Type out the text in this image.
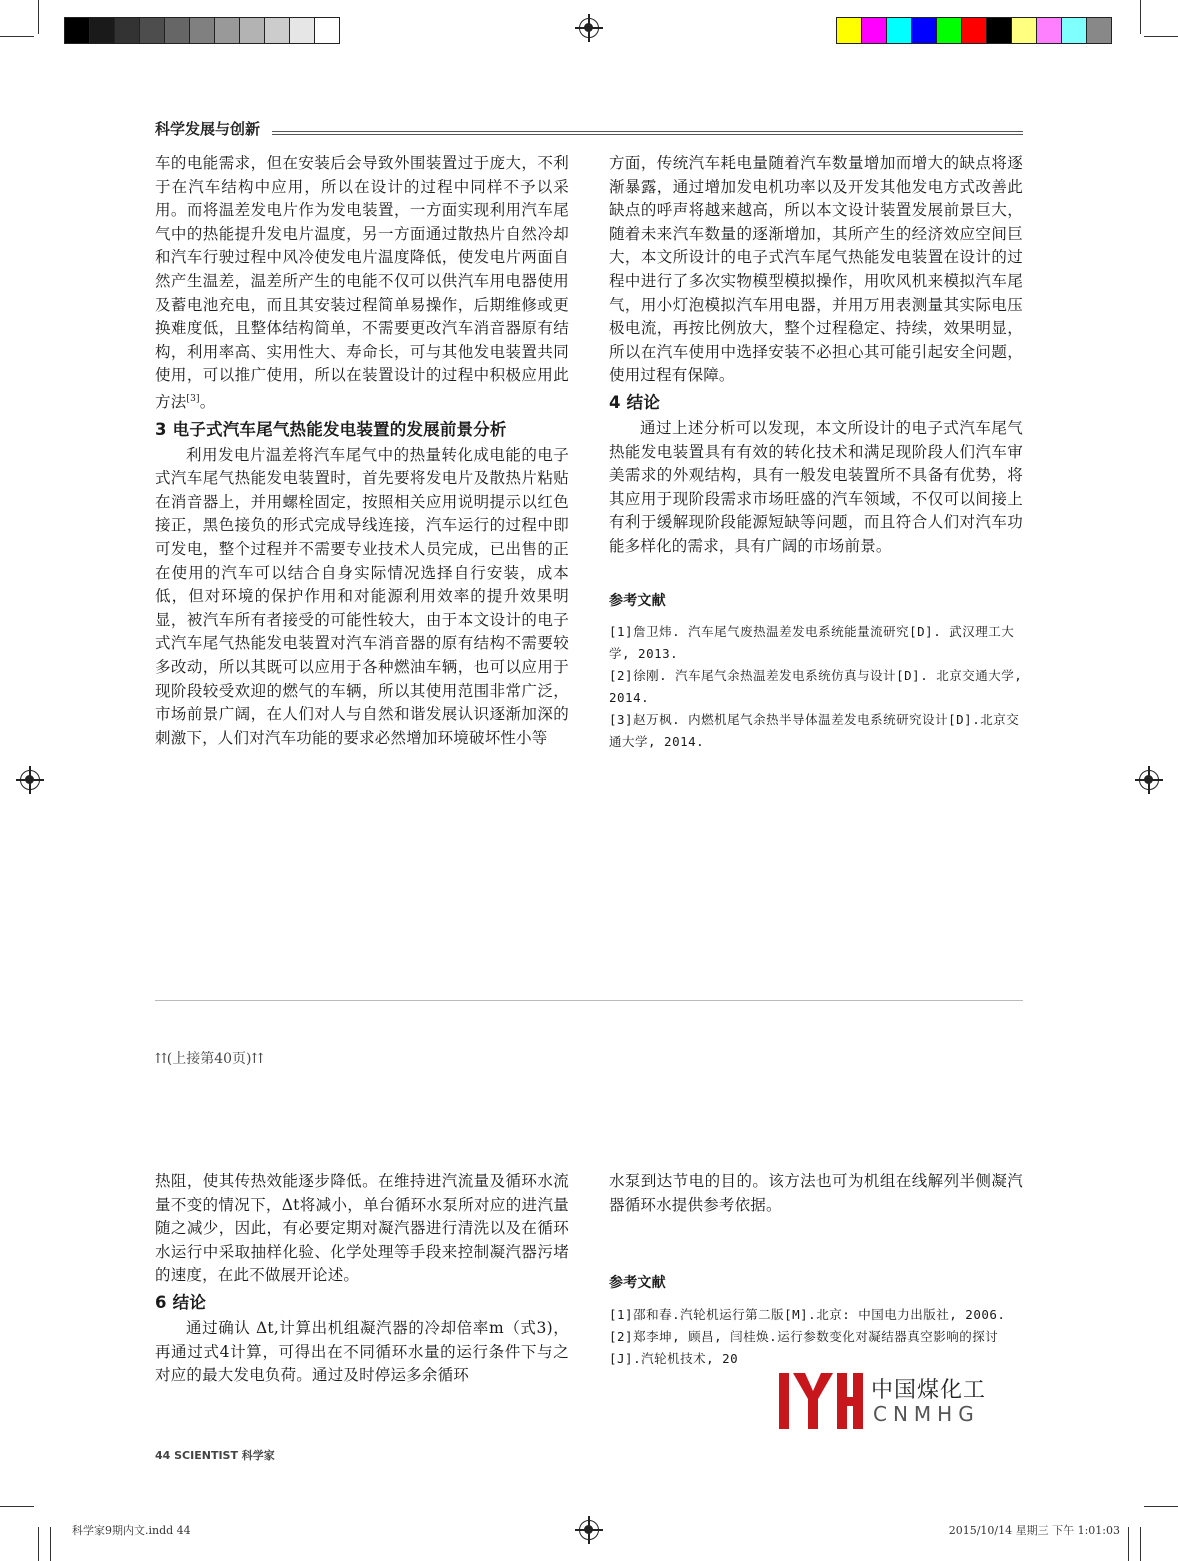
科学发展与创新

车的电能需求，但在安装后会导致外围装置过于庞大，不利于在汽车结构中应用，所以在设计的过程中同样不予以采用。而将温差发电片作为发电装置，一方面实现利用汽车尾气中的热能提升发电片温度，另一方面通过散热片自然冷却和汽车行驶过程中风冷使发电片温度降低，使发电片两面自然产生温差，温差所产生的电能不仅可以供汽车用电器使用及蓄电池充电，而且其安装过程简单易操作，后期维修或更换难度低，且整体结构简单，不需要更改汽车消音器原有结构，利用率高、实用性大、寿命长，可与其他发电装置共同使用，可以推广使用，所以在装置设计的过程中积极应用此方法[3]。

3 电子式汽车尾气热能发电装置的发展前景分析

利用发电片温差将汽车尾气中的热量转化成电能的电子式汽车尾气热能发电装置时，首先要将发电片及散热片粘贴在消音器上，并用螺栓固定，按照相关应用说明提示以红色接正，黑色接负的形式完成导线连接，汽车运行的过程中即可发电，整个过程并不需要专业技术人员完成，已出售的正在使用的汽车可以结合自身实际情况选择自行安装，成本低，但对环境的保护作用和对能源利用效率的提升效果明显，被汽车所有者接受的可能性较大，由于本文设计的电子式汽车尾气热能发电装置对汽车消音器的原有结构不需要较多改动，所以其既可以应用于各种燃油车辆，也可以应用于现阶段较受欢迎的燃气的车辆，所以其使用范围非常广泛，市场前景广阔，在人们对人与自然和谐发展认识逐渐加深的刺激下，人们对汽车功能的要求必然增加环境破坏性小等

方面，传统汽车耗电量随着汽车数量增加而增大的缺点将逐渐暴露，通过增加发电机功率以及开发其他发电方式改善此缺点的呼声将越来越高，所以本文设计装置发展前景巨大，随着未来汽车数量的逐渐增加，其所产生的经济效应空间巨大，本文所设计的电子式汽车尾气热能发电装置在设计的过程中进行了多次实物模型模拟操作，用吹风机来模拟汽车尾气，用小灯泡模拟汽车用电器，并用万用表测量其实际电压极电流，再按比例放大，整个过程稳定、持续，效果明显，所以在汽车使用中选择安装不必担心其可能引起安全问题，使用过程有保障。

4 结论

通过上述分析可以发现，本文所设计的电子式汽车尾气热能发电装置具有有效的转化技术和满足现阶段人们汽车审美需求的外观结构，具有一般发电装置所不具备有优势，将其应用于现阶段需求市场旺盛的汽车领域，不仅可以间接上有利于缓解现阶段能源短缺等问题，而且符合人们对汽车功能多样化的需求，具有广阔的市场前景。

参考文献
[1]詹卫炜. 汽车尾气废热温差发电系统能量流研究[D]. 武汉理工大学, 2013.
[2]徐刚. 汽车尾气余热温差发电系统仿真与设计[D]. 北京交通大学, 2014.
[3]赵万枫. 内燃机尾气余热半导体温差发电系统研究设计[D].北京交通大学, 2014.
⇈(上接第40页)⇈

热阻，使其传热效能逐步降低。在维持进汽流量及循环水流量不变的情况下，Δt将减小，单台循环水泵所对应的进汽量随之减少，因此，有必要定期对凝汽器进行清洗以及在循环水运行中采取抽样化验、化学处理等手段来控制凝汽器污堵的速度，在此不做展开论述。

6 结论

通过确认 Δt,计算出机组凝汽器的冷却倍率m（式3)，再通过式4计算，可得出在不同循环水量的运行条件下与之对应的最大发电负荷。通过及时停运多余循环

水泵到达节电的目的。该方法也可为机组在线解列半侧凝汽器循环水提供参考依据。

参考文献
[1]邵和春.汽轮机运行第二版[M].北京: 中国电力出版社, 2006.
[2]郑李坤, 顾昌, 闫桂焕.运行参数变化对凝结器真空影响的探讨[J].汽轮机技术, 20
中国煤化工
CNMHG
44 SCIENTIST 科学家
科学家9期内文.indd 44	2015/10/14 星期三 下午 1:01:03
